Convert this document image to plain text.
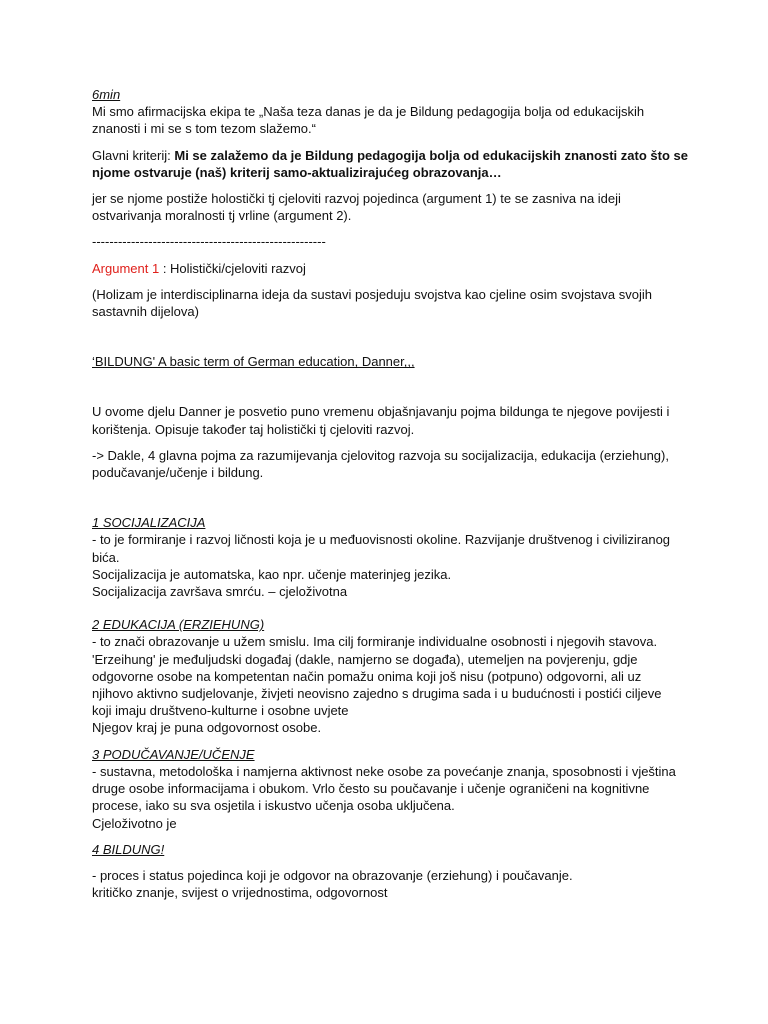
6min
Mi smo afirmacijska ekipa te „Naša teza danas je da je Bildung pedagogija bolja od edukacijskih
znanosti i mi se s tom tezom slažemo.“
Glavni kriterij: Mi se zalažemo da je Bildung pedagogija bolja od edukacijskih znanosti zato što se
njome ostvaruje (naš) kriterij samo-aktualizirajućeg obrazovanja…
jer se njome postiže holostički tj cjeloviti razvoj pojedinca (argument 1) te se zasniva na ideji
ostvarivanja moralnosti tj vrline (argument 2).
------------------------------------------------------
Argument 1 : Holistički/cjeloviti razvoj
(Holizam je interdisciplinarna ideja da sustavi posjeduju svojstva kao cjeline osim svojstava svojih
sastavnih dijelova)
‘BILDUNG' A basic term of German education, Danner,,,
U ovome djelu Danner je posvetio puno vremenu objašnjavanju pojma bildunga te njegove povijesti i
korištenja. Opisuje također taj holistički tj cjeloviti razvoj.
-> Dakle, 4 glavna pojma za razumijevanja cjelovitog razvoja su socijalizacija, edukacija (erziehung),
podučavanje/učenje i bildung.
1 SOCIJALIZACIJA
- to je formiranje i razvoj ličnosti koja je u međuovisnosti okoline. Razvijanje društvenog i civiliziranog
bića.
Socijalizacija je automatska, kao npr. učenje materinjeg jezika.
Socijalizacija završava smrću. – cjeloživotna
2 EDUKACIJA (ERZIEHUNG)
- to znači obrazovanje u užem smislu. Ima cilj formiranje individualne osobnosti i njegovih stavova.
'Erzeihung' je međuljudski događaj (dakle, namjerno se događa), utemeljen na povjerenju, gdje
odgovorne osobe na kompetentan način pomažu onima koji još nisu (potpuno) odgovorni, ali uz
njihovo aktivno sudjelovanje, živjeti neovisno zajedno s drugima sada i u budućnosti i postići ciljeve
koji imaju društveno-kulturne i osobne uvjete
Njegov kraj je puna odgovornost osobe.
3 PODUČAVANJE/UČENJE
- sustavna, metodološka i namjerna aktivnost neke osobe za povećanje znanja, sposobnosti i vještina
druge osobe informacijama i obukom. Vrlo često su poučavanje i učenje ograničeni na kognitivne
procese, iako su sva osjetila i iskustvo učenja osoba uključena.
Cjeloživotno je
4 BILDUNG!
- proces i status pojedinca koji je odgovor na obrazovanje (erziehung) i poučavanje.
kritičko znanje, svijest o vrijednostima, odgovornost
